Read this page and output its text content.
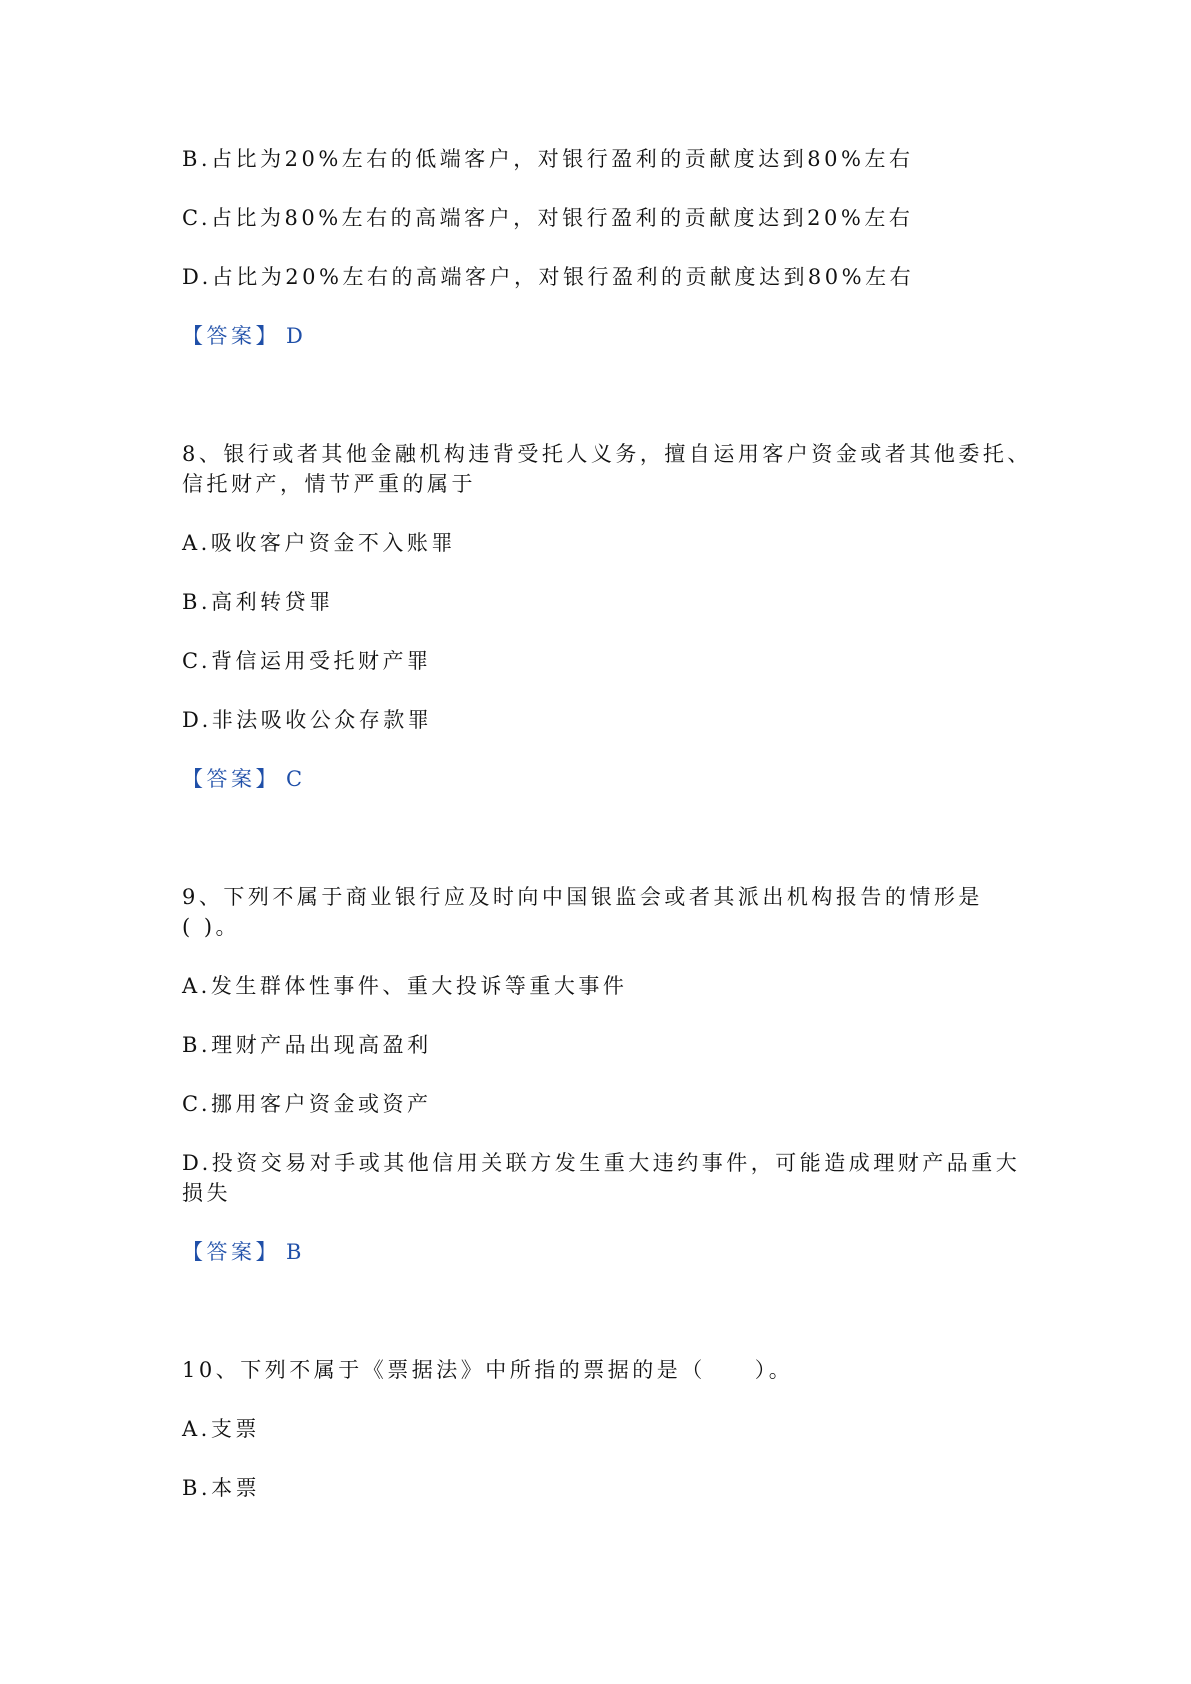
B.占比为20%左右的低端客户，对银行盈利的贡献度达到80%左右
C.占比为80%左右的高端客户，对银行盈利的贡献度达到20%左右
D.占比为20%左右的高端客户，对银行盈利的贡献度达到80%左右
【答案】 D
8、银行或者其他金融机构违背受托人义务，擅自运用客户资金或者其他委托、
信托财产，情节严重的属于
A.吸收客户资金不入账罪
B.高利转贷罪
C.背信运用受托财产罪
D.非法吸收公众存款罪
【答案】 C
9、下列不属于商业银行应及时向中国银监会或者其派出机构报告的情形是
( )。
A.发生群体性事件、重大投诉等重大事件
B.理财产品出现高盈利
C.挪用客户资金或资产
D.投资交易对手或其他信用关联方发生重大违约事件，可能造成理财产品重大
损失
【答案】 B
10、下列不属于《票据法》中所指的票据的是（　　）。
A.支票
B.本票
